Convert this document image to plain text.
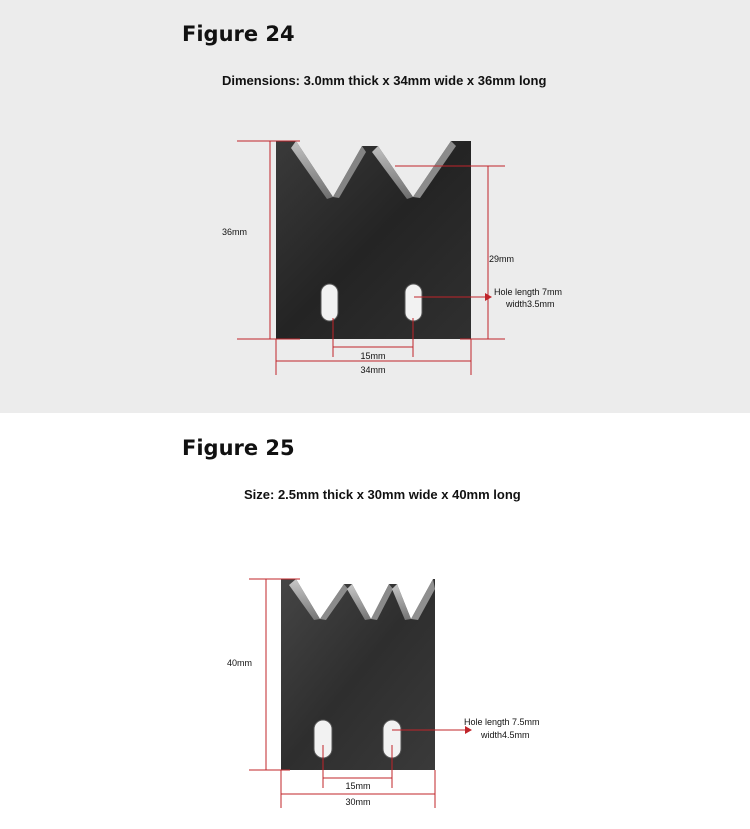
Figure 24
Dimensions: 3.0mm thick x 34mm wide x 36mm long
36mm
29mm
Hole length 7mm
width3.5mm
15mm
34mm
Figure 25
Size: 2.5mm thick x 30mm wide x 40mm long
40mm
Hole length 7.5mm
width4.5mm
15mm
30mm
